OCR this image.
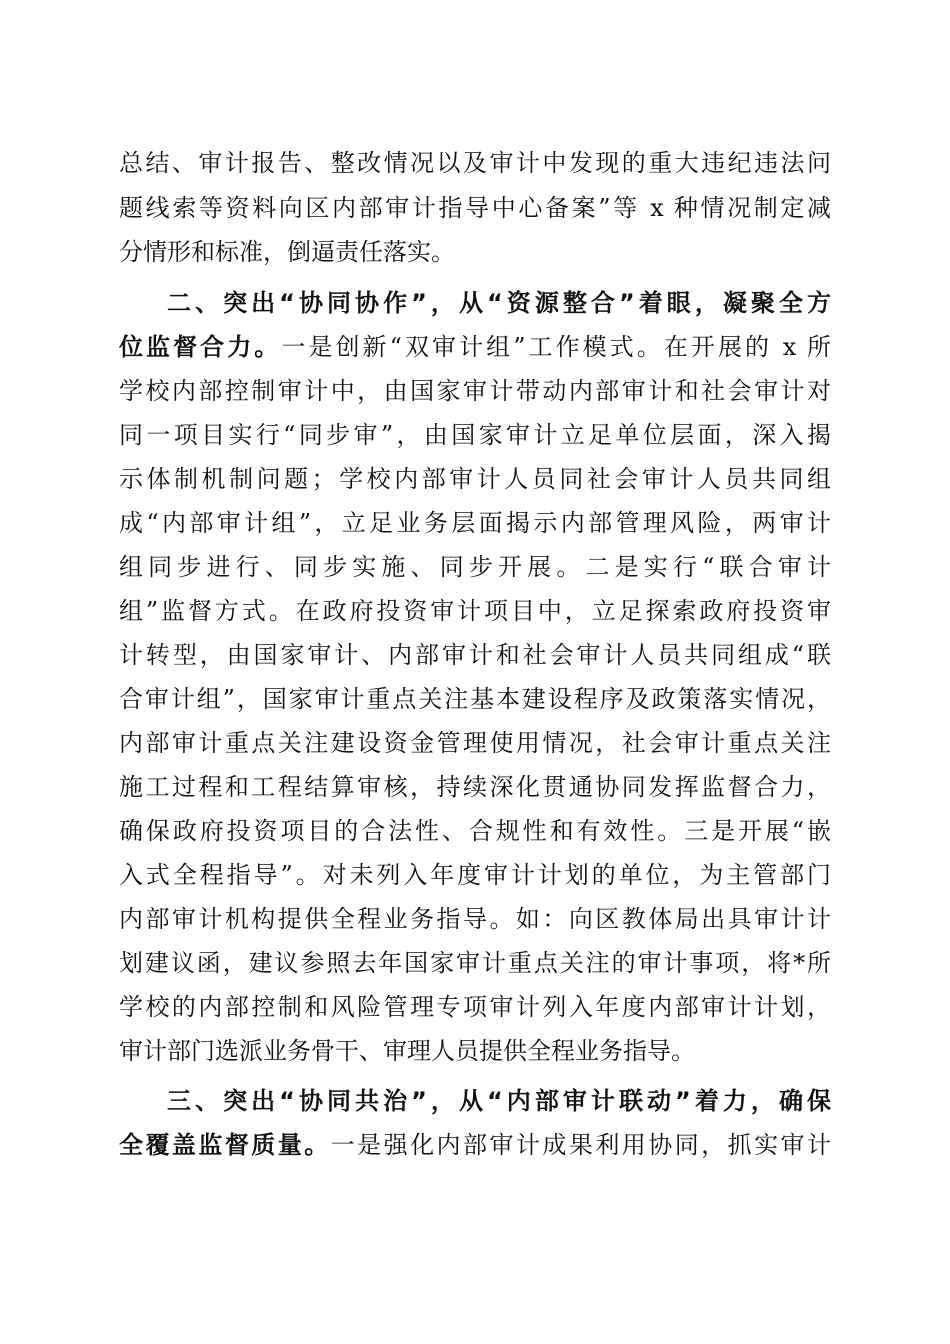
总结、审计报告、整改情况以及审计中发现的重大违纪违法问
题线索等资料向区内部审计指导中心备案”等 x 种情况制定减
分情形和标准，倒逼责任落实。
二、突出“协同协作”，从“资源整合”着眼，凝聚全方
位监督合力。一是创新“双审计组”工作模式。在开展的 x 所
学校内部控制审计中，由国家审计带动内部审计和社会审计对
同一项目实行“同步审”，由国家审计立足单位层面，深入揭
示体制机制问题；学校内部审计人员同社会审计人员共同组
成“内部审计组”，立足业务层面揭示内部管理风险，两审计
组同步进行、同步实施、同步开展。二是实行“联合审计
组”监督方式。在政府投资审计项目中，立足探索政府投资审
计转型，由国家审计、内部审计和社会审计人员共同组成“联
合审计组”，国家审计重点关注基本建设程序及政策落实情况，
内部审计重点关注建设资金管理使用情况，社会审计重点关注
施工过程和工程结算审核，持续深化贯通协同发挥监督合力，
确保政府投资项目的合法性、合规性和有效性。三是开展“嵌
入式全程指导”。对未列入年度审计计划的单位，为主管部门
内部审计机构提供全程业务指导。如：向区教体局出具审计计
划建议函，建议参照去年国家审计重点关注的审计事项，将*所
学校的内部控制和风险管理专项审计列入年度内部审计计划，
审计部门选派业务骨干、审理人员提供全程业务指导。
三、突出“协同共治”，从“内部审计联动”着力，确保
全覆盖监督质量。一是强化内部审计成果利用协同，抓实审计
